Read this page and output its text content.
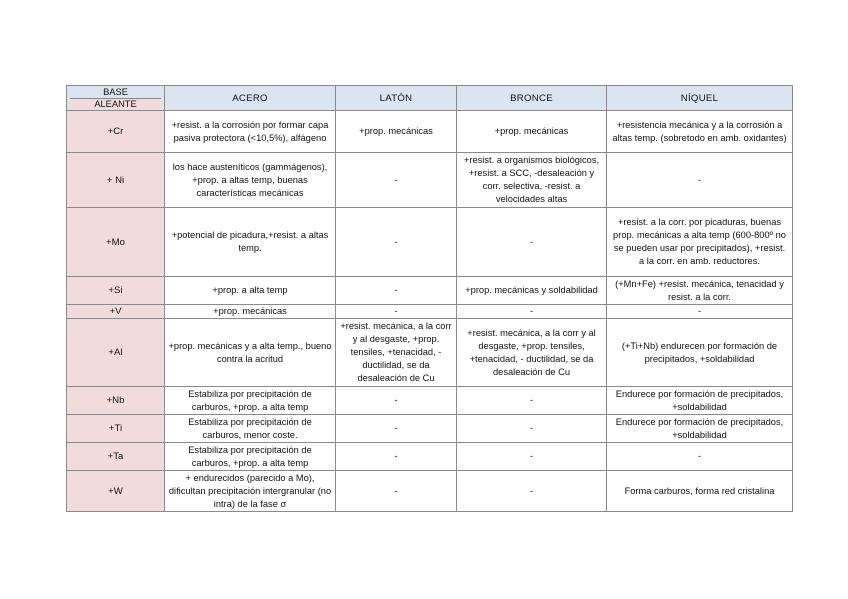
BASE
ALEANTE	ACERO	LATÓN	BRONCE	NÍQUEL
+Cr	+resist. a la corrosión por formar capa pasiva protectora (<10,5%), alfágeno	+prop. mecánicas	+prop. mecánicas	+resistencia mecánica y a la corrosión a altas temp. (sobretodo en amb. oxidantes)
+ Ni	los hace austeníticos (gammágenos), +prop. a altas temp, buenas características mecánicas	-	+resist. a organismos biológicos, +resist. a SCC, -desaleación y corr. selectiva, -resist. a velocidades altas	-
+Mo	+potencial de picadura,+resist. a altas temp.	-	-	+resist. a la corr. por picaduras, buenas prop. mecánicas a alta temp (600-800º no se pueden usar por precipitados), +resist. a la corr. en amb. reductores.
+Si	+prop. a alta temp	-	+prop. mecánicas y soldabilidad	(+Mn+Fe) +resist. mecánica, tenacidad y resist. a la corr.
+V	+prop. mecánicas	-	-	-
+Al	+prop. mecánicas y a alta temp., bueno contra la acritud	+resist. mecánica, a la corr y al desgaste, +prop. tensiles, +tenacidad, - ductilidad, se da desaleación de Cu	+resist. mecánica, a la corr y al desgaste, +prop. tensiles, +tenacidad, - ductilidad, se da desaleación de Cu	(+Ti+Nb) endurecen por formación de precipitados, +soldabilidad
+Nb	Estabiliza por precipitación de carburos, +prop. a alta temp	-	-	Endurece por formación de precipitados, +soldabilidad
+Ti	Estabiliza por precipitación de carburos, menor coste.	-	-	Endurece por formación de precipitados, +soldabilidad
+Ta	Estabiliza por precipitación de carburos, +prop. a alta temp	-	-	-
+W	+ endurecidos (parecido a Mo), dificultan precipitación intergranular (no intra) de la fase σ	-	-	Forma carburos, forma red cristalina
